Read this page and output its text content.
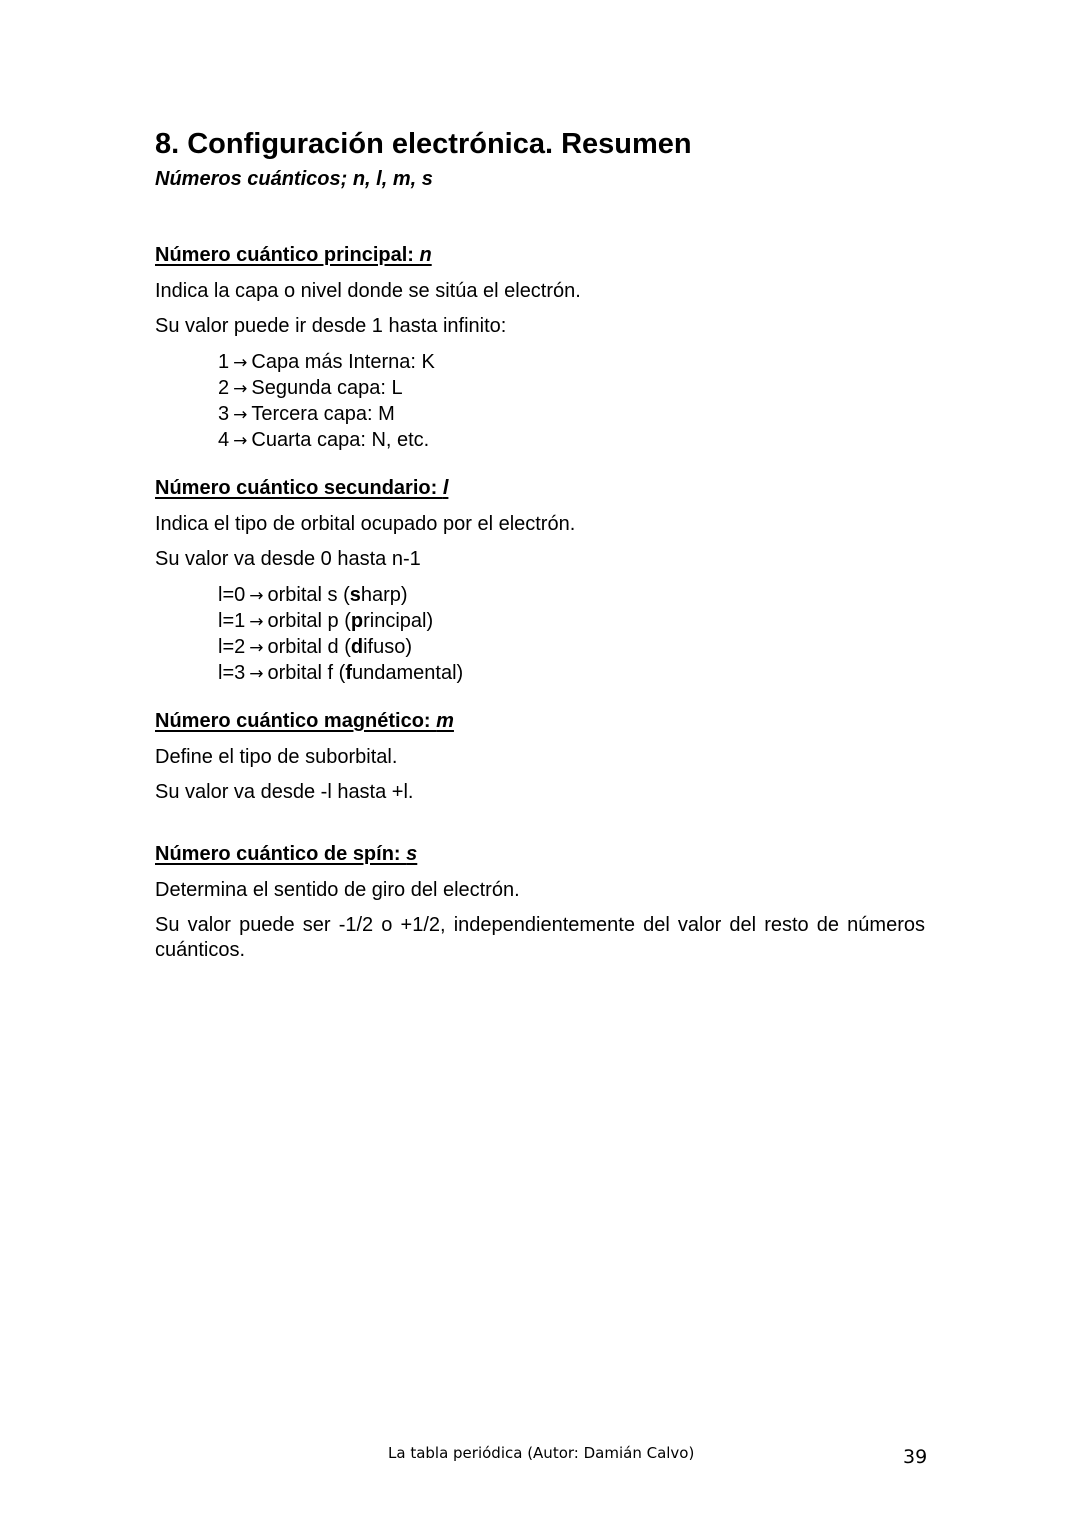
8. Configuración electrónica. Resumen
Números cuánticos; n, l, m, s
Número cuántico principal: n

Indica la capa o nivel donde se sitúa el electrón.

Su valor puede ir desde 1 hasta infinito:

1 → Capa más Interna: K
2 → Segunda capa: L
3 → Tercera capa: M
4 → Cuarta capa: N, etc.
Número cuántico secundario: l

Indica el tipo de orbital ocupado por el electrón.

Su valor va desde 0 hasta n-1

l=0 → orbital s (sharp)
l=1 → orbital p (principal)
l=2 → orbital d (difuso)
l=3 → orbital f (fundamental)
Número cuántico magnético: m

Define el tipo de suborbital.

Su valor va desde -l hasta +l.

Número cuántico de spín: s

Determina el sentido de giro del electrón.

Su valor puede ser -1/2 o +1/2, independientemente del valor del resto de números cuánticos.

La tabla periódica (Autor: Damián Calvo)	39
